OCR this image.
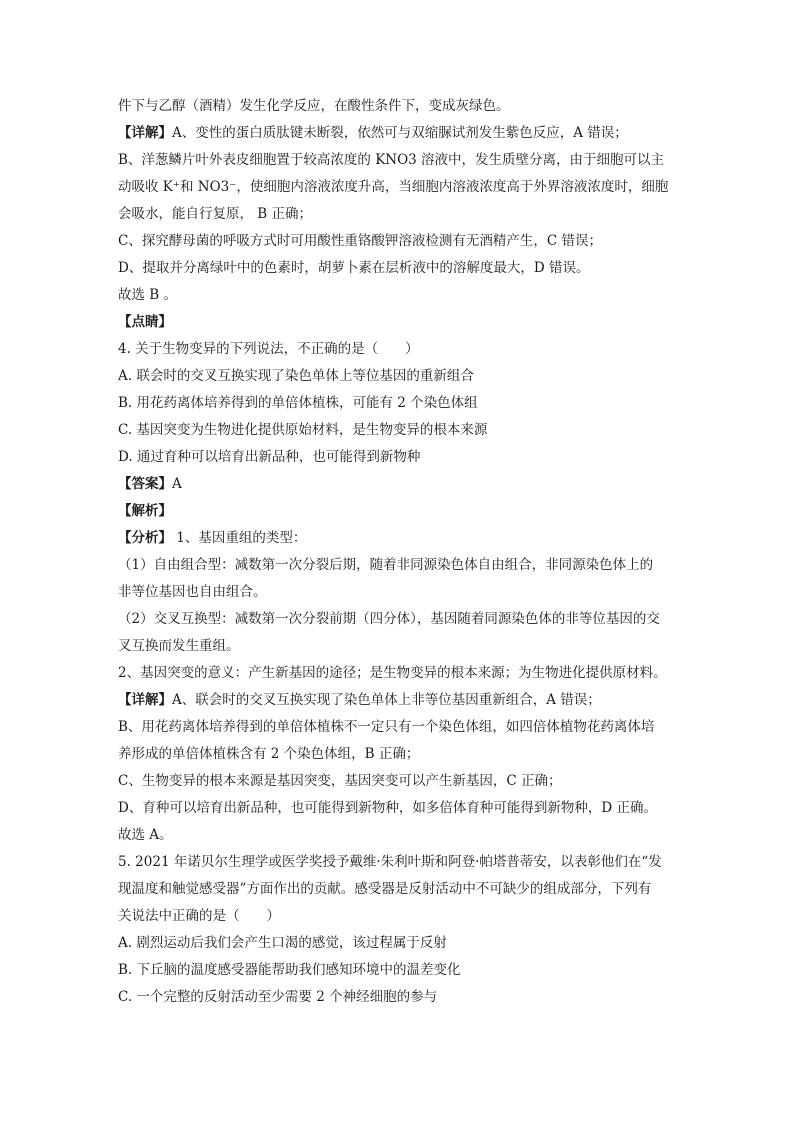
件下与乙醇（酒精）发生化学反应，在酸性条件下，变成灰绿色。
【详解】A、变性的蛋白质肽键未断裂，依然可与双缩脲试剂发生紫色反应，A 错误；
B、洋葱鳞片叶外表皮细胞置于较高浓度的 KNO3 溶液中，发生质壁分离，由于细胞可以主
动吸收 K⁺和 NO3⁻，使细胞内溶液浓度升高，当细胞内溶液浓度高于外界溶液浓度时，细胞
会吸水，能自行复原， B 正确；
C、探究酵母菌的呼吸方式时可用酸性重铬酸钾溶液检测有无酒精产生，C 错误；
D、提取并分离绿叶中的色素时，胡萝卜素在层析液中的溶解度最大，D 错误。
故选 B 。
【点睛】
4. 关于生物变异的下列说法，不正确的是（　　）
A. 联会时的交叉互换实现了染色单体上等位基因的重新组合
B. 用花药离体培养得到的单倍体植株，可能有 2 个染色体组
C. 基因突变为生物进化提供原始材料，是生物变异的根本来源
D. 通过育种可以培育出新品种，也可能得到新物种
【答案】A
【解析】
【分析】 1、基因重组的类型：
（1）自由组合型：减数第一次分裂后期，随着非同源染色体自由组合，非同源染色体上的
非等位基因也自由组合。
（2）交叉互换型：减数第一次分裂前期（四分体），基因随着同源染色体的非等位基因的交
叉互换而发生重组。
2、基因突变的意义：产生新基因的途径；是生物变异的根本来源；为生物进化提供原材料。
【详解】A、联会时的交叉互换实现了染色单体上非等位基因重新组合，A 错误；
B、用花药离体培养得到的单倍体植株不一定只有一个染色体组，如四倍体植物花药离体培
养形成的单倍体植株含有 2 个染色体组，B 正确；
C、生物变异的根本来源是基因突变，基因突变可以产生新基因，C 正确；
D、育种可以培育出新品种，也可能得到新物种，如多倍体育种可能得到新物种，D 正确。
故选 A。
5. 2021 年诺贝尔生理学或医学奖授予戴维·朱利叶斯和阿登·帕塔普蒂安，以表彰他们在“发
现温度和触觉感受器”方面作出的贡献。感受器是反射活动中不可缺少的组成部分，下列有
关说法中正确的是（　　）
A. 剧烈运动后我们会产生口渴的感觉，该过程属于反射
B. 下丘脑的温度感受器能帮助我们感知环境中的温差变化
C. 一个完整的反射活动至少需要 2 个神经细胞的参与
